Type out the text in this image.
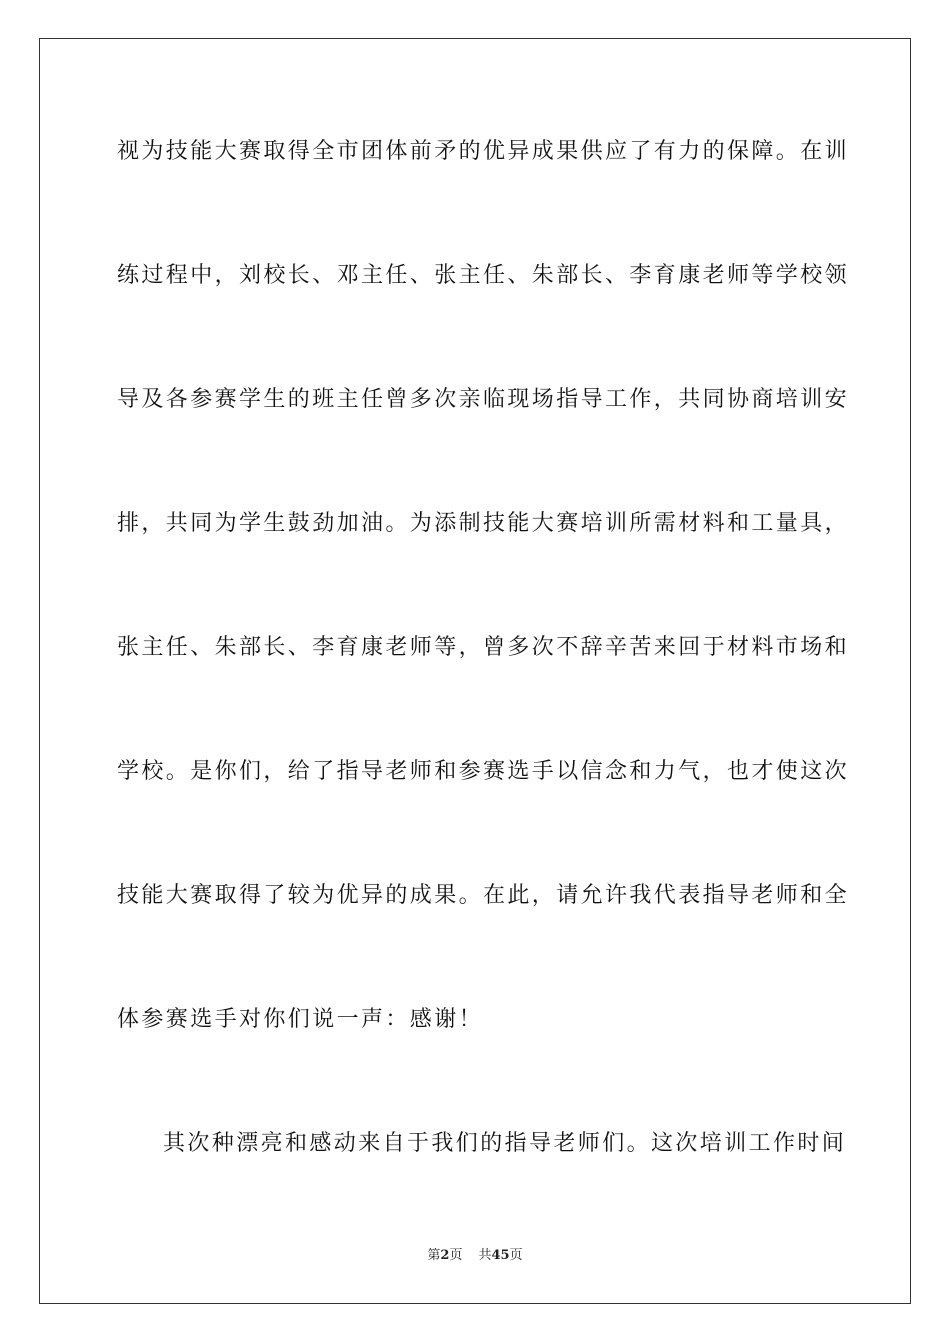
视为技能大赛取得全市团体前矛的优异成果供应了有力的保障。在训
练过程中，刘校长、邓主任、张主任、朱部长、李育康老师等学校领
导及各参赛学生的班主任曾多次亲临现场指导工作，共同协商培训安
排，共同为学生鼓劲加油。为添制技能大赛培训所需材料和工量具，
张主任、朱部长、李育康老师等，曾多次不辞辛苦来回于材料市场和
学校。是你们，给了指导老师和参赛选手以信念和力气，也才使这次
技能大赛取得了较为优异的成果。在此，请允许我代表指导老师和全
体参赛选手对你们说一声：感谢！
其次种漂亮和感动来自于我们的指导老师们。这次培训工作时间
第2页 共45页
